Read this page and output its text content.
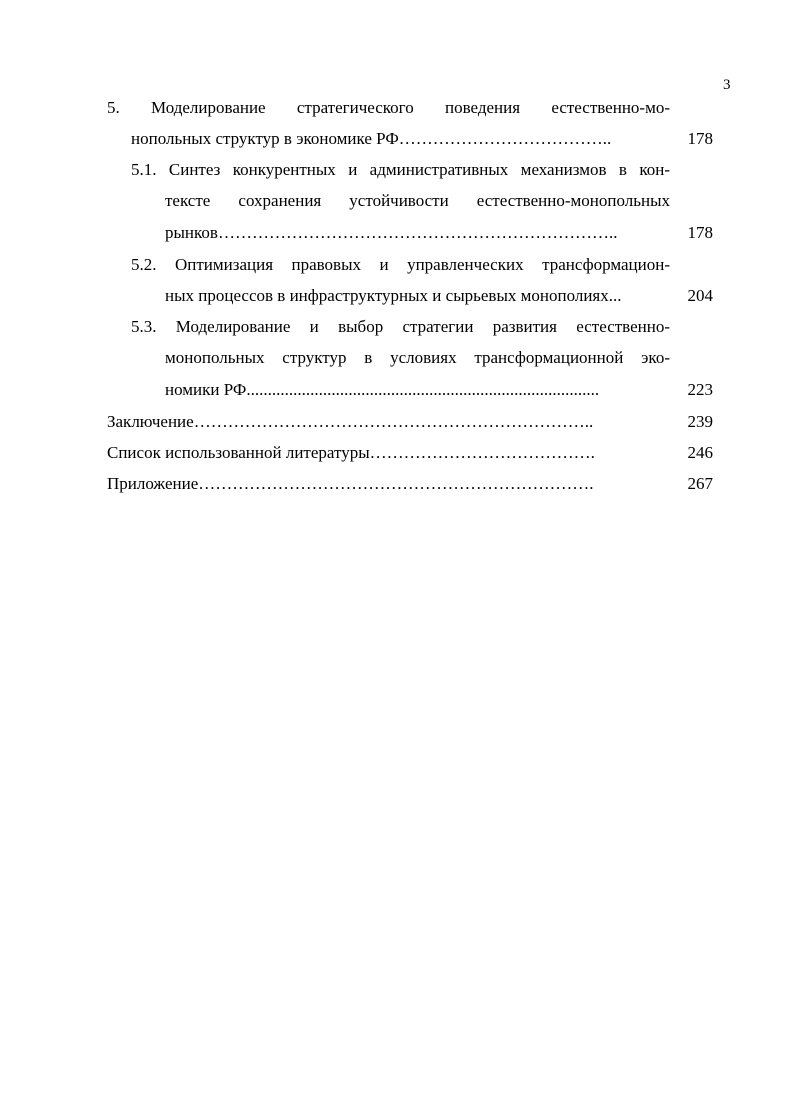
3
5. Моделирование стратегического поведения естественно-мо-
нопольных структур в экономике РФ………………………………..	178
5.1. Синтез конкурентных и административных механизмов в кон-
тексте сохранения устойчивости естественно-монопольных
рынков……………………………………………………………..	178
5.2. Оптимизация правовых и управленческих трансформацион-
ных процессов в инфраструктурных и сырьевых монополиях...	204
5.3. Моделирование и выбор стратегии развития естественно-
монопольных структур в условиях трансформационной эко-
номики РФ...................................................................................	223
Заключение……………………………………………………………..	239
Список использованной литературы………………………………….	246
Приложение…………………………………………………………….	267
